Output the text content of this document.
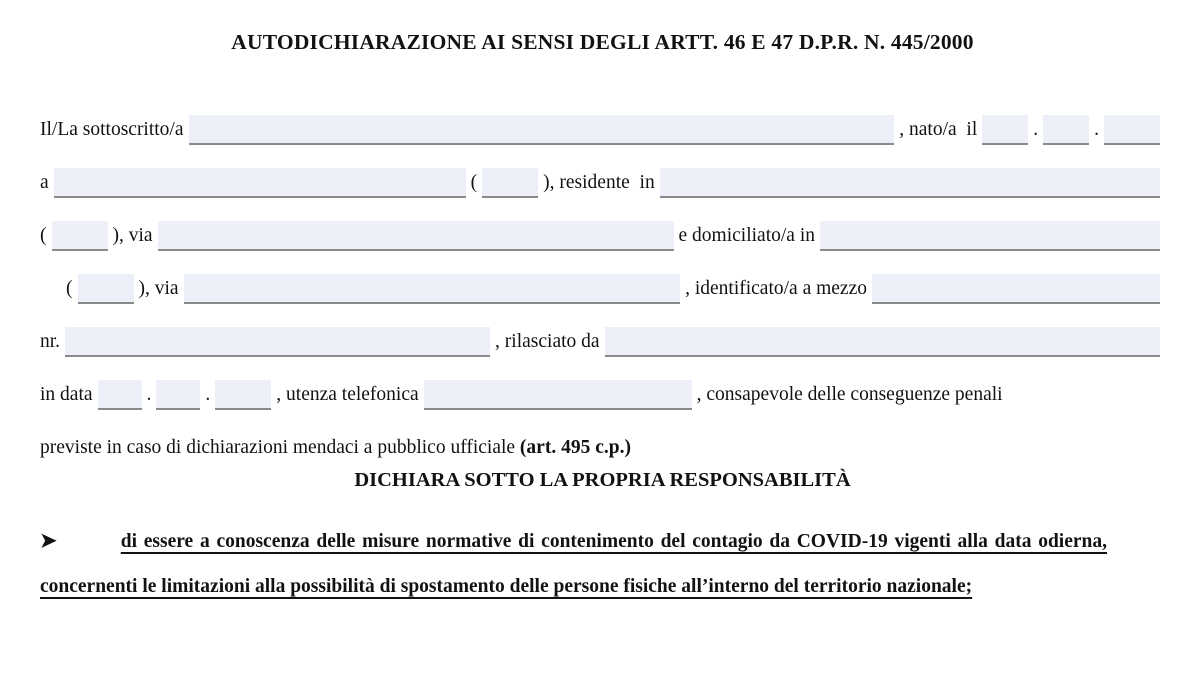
AUTODICHIARAZIONE AI SENSI DEGLI ARTT. 46 E 47 D.P.R. N. 445/2000
Il/La sottoscritto/a	, nato/a  il	.	.
a	(	), residente  in
(	), via	e domiciliato/a in
(	), via	, identificato/a a mezzo
nr.	, rilasciato da
in data	.	.	, utenza telefonica	, consapevole delle conseguenze penali
previste in caso di dichiarazioni mendaci a pubblico ufficiale (art. 495 c.p.)
DICHIARA SOTTO LA PROPRIA RESPONSABILITÀ
➤	di essere a conoscenza delle misure normative di contenimento del contagio da COVID-19 vigenti alla data odierna, concernenti le limitazioni alla possibilità di spostamento delle persone fisiche all’interno del territorio nazionale;
